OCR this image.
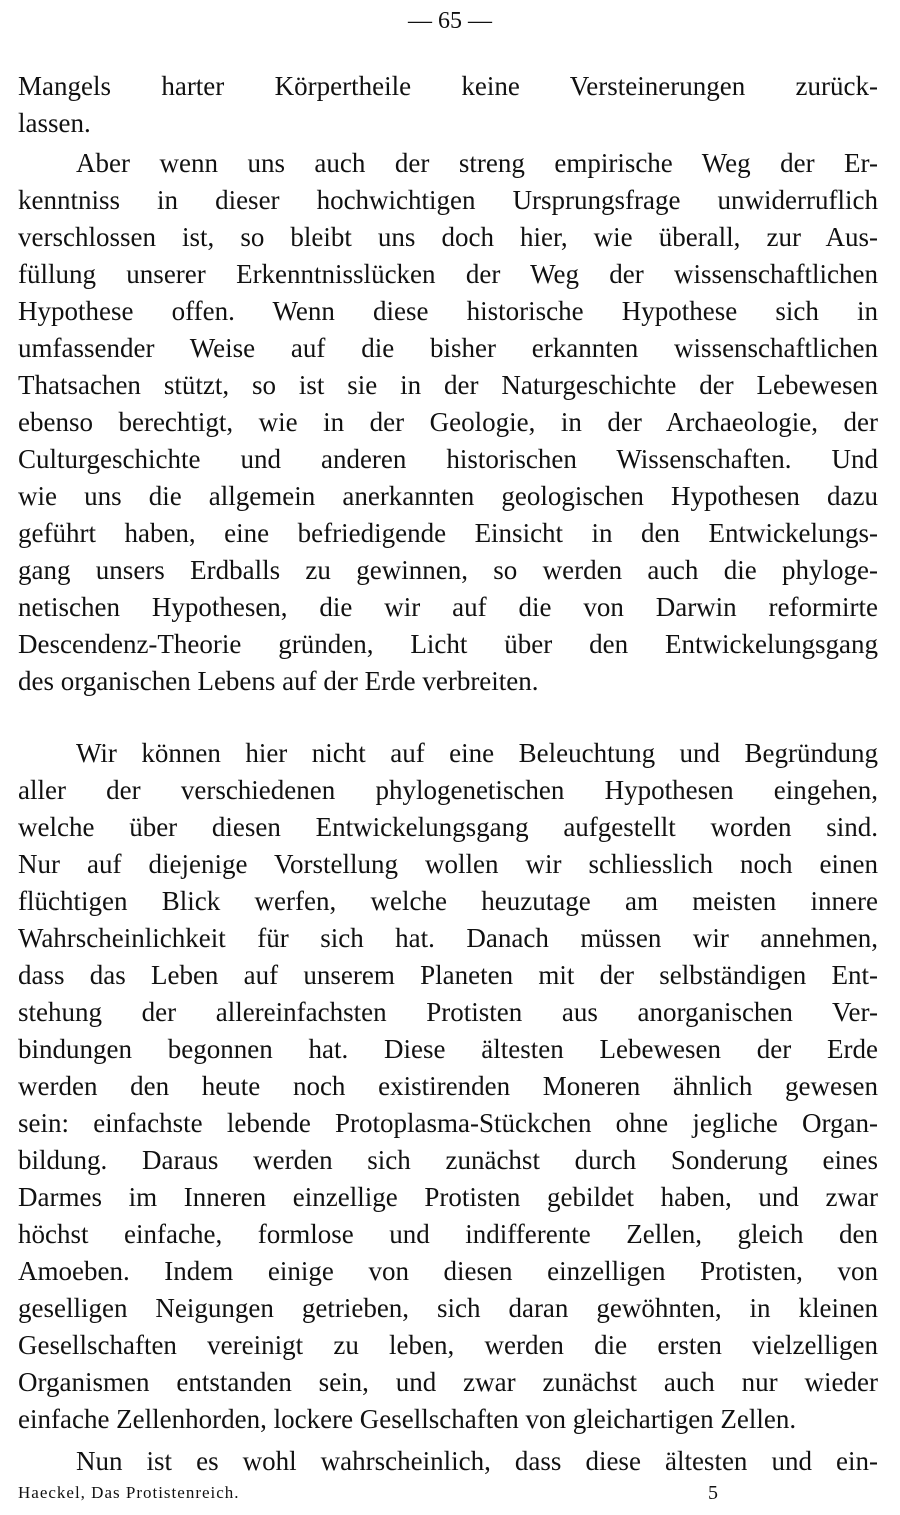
— 65 —
Mangels harter Körpertheile keine Versteinerungen zurück-
lassen.
Aber wenn uns auch der streng empirische Weg der Er-
kenntniss in dieser hochwichtigen Ursprungsfrage unwiderruflich
verschlossen ist, so bleibt uns doch hier, wie überall, zur Aus-
füllung unserer Erkenntnisslücken der Weg der wissenschaftlichen
Hypothese offen. Wenn diese historische Hypothese sich in
umfassender Weise auf die bisher erkannten wissenschaftlichen
Thatsachen stützt, so ist sie in der Naturgeschichte der Lebewesen
ebenso berechtigt, wie in der Geologie, in der Archaeologie, der
Culturgeschichte und anderen historischen Wissenschaften. Und
wie uns die allgemein anerkannten geologischen Hypothesen dazu
geführt haben, eine befriedigende Einsicht in den Entwickelungs-
gang unsers Erdballs zu gewinnen, so werden auch die phyloge-
netischen Hypothesen, die wir auf die von Darwin reformirte
Descendenz-Theorie gründen, Licht über den Entwickelungsgang
des organischen Lebens auf der Erde verbreiten.
Wir können hier nicht auf eine Beleuchtung und Begründung
aller der verschiedenen phylogenetischen Hypothesen eingehen,
welche über diesen Entwickelungsgang aufgestellt worden sind.
Nur auf diejenige Vorstellung wollen wir schliesslich noch einen
flüchtigen Blick werfen, welche heuzutage am meisten innere
Wahrscheinlichkeit für sich hat. Danach müssen wir annehmen,
dass das Leben auf unserem Planeten mit der selbständigen Ent-
stehung der allereinfachsten Protisten aus anorganischen Ver-
bindungen begonnen hat. Diese ältesten Lebewesen der Erde
werden den heute noch existirenden Moneren ähnlich gewesen
sein: einfachste lebende Protoplasma-Stückchen ohne jegliche Organ-
bildung. Daraus werden sich zunächst durch Sonderung eines
Darmes im Inneren einzellige Protisten gebildet haben, und zwar
höchst einfache, formlose und indifferente Zellen, gleich den
Amoeben. Indem einige von diesen einzelligen Protisten, von
geselligen Neigungen getrieben, sich daran gewöhnten, in kleinen
Gesellschaften vereinigt zu leben, werden die ersten vielzelligen
Organismen entstanden sein, und zwar zunächst auch nur wieder
einfache Zellenhorden, lockere Gesellschaften von gleichartigen Zellen.
Nun ist es wohl wahrscheinlich, dass diese ältesten und ein-
Haeckel, Das Protistenreich.	5
